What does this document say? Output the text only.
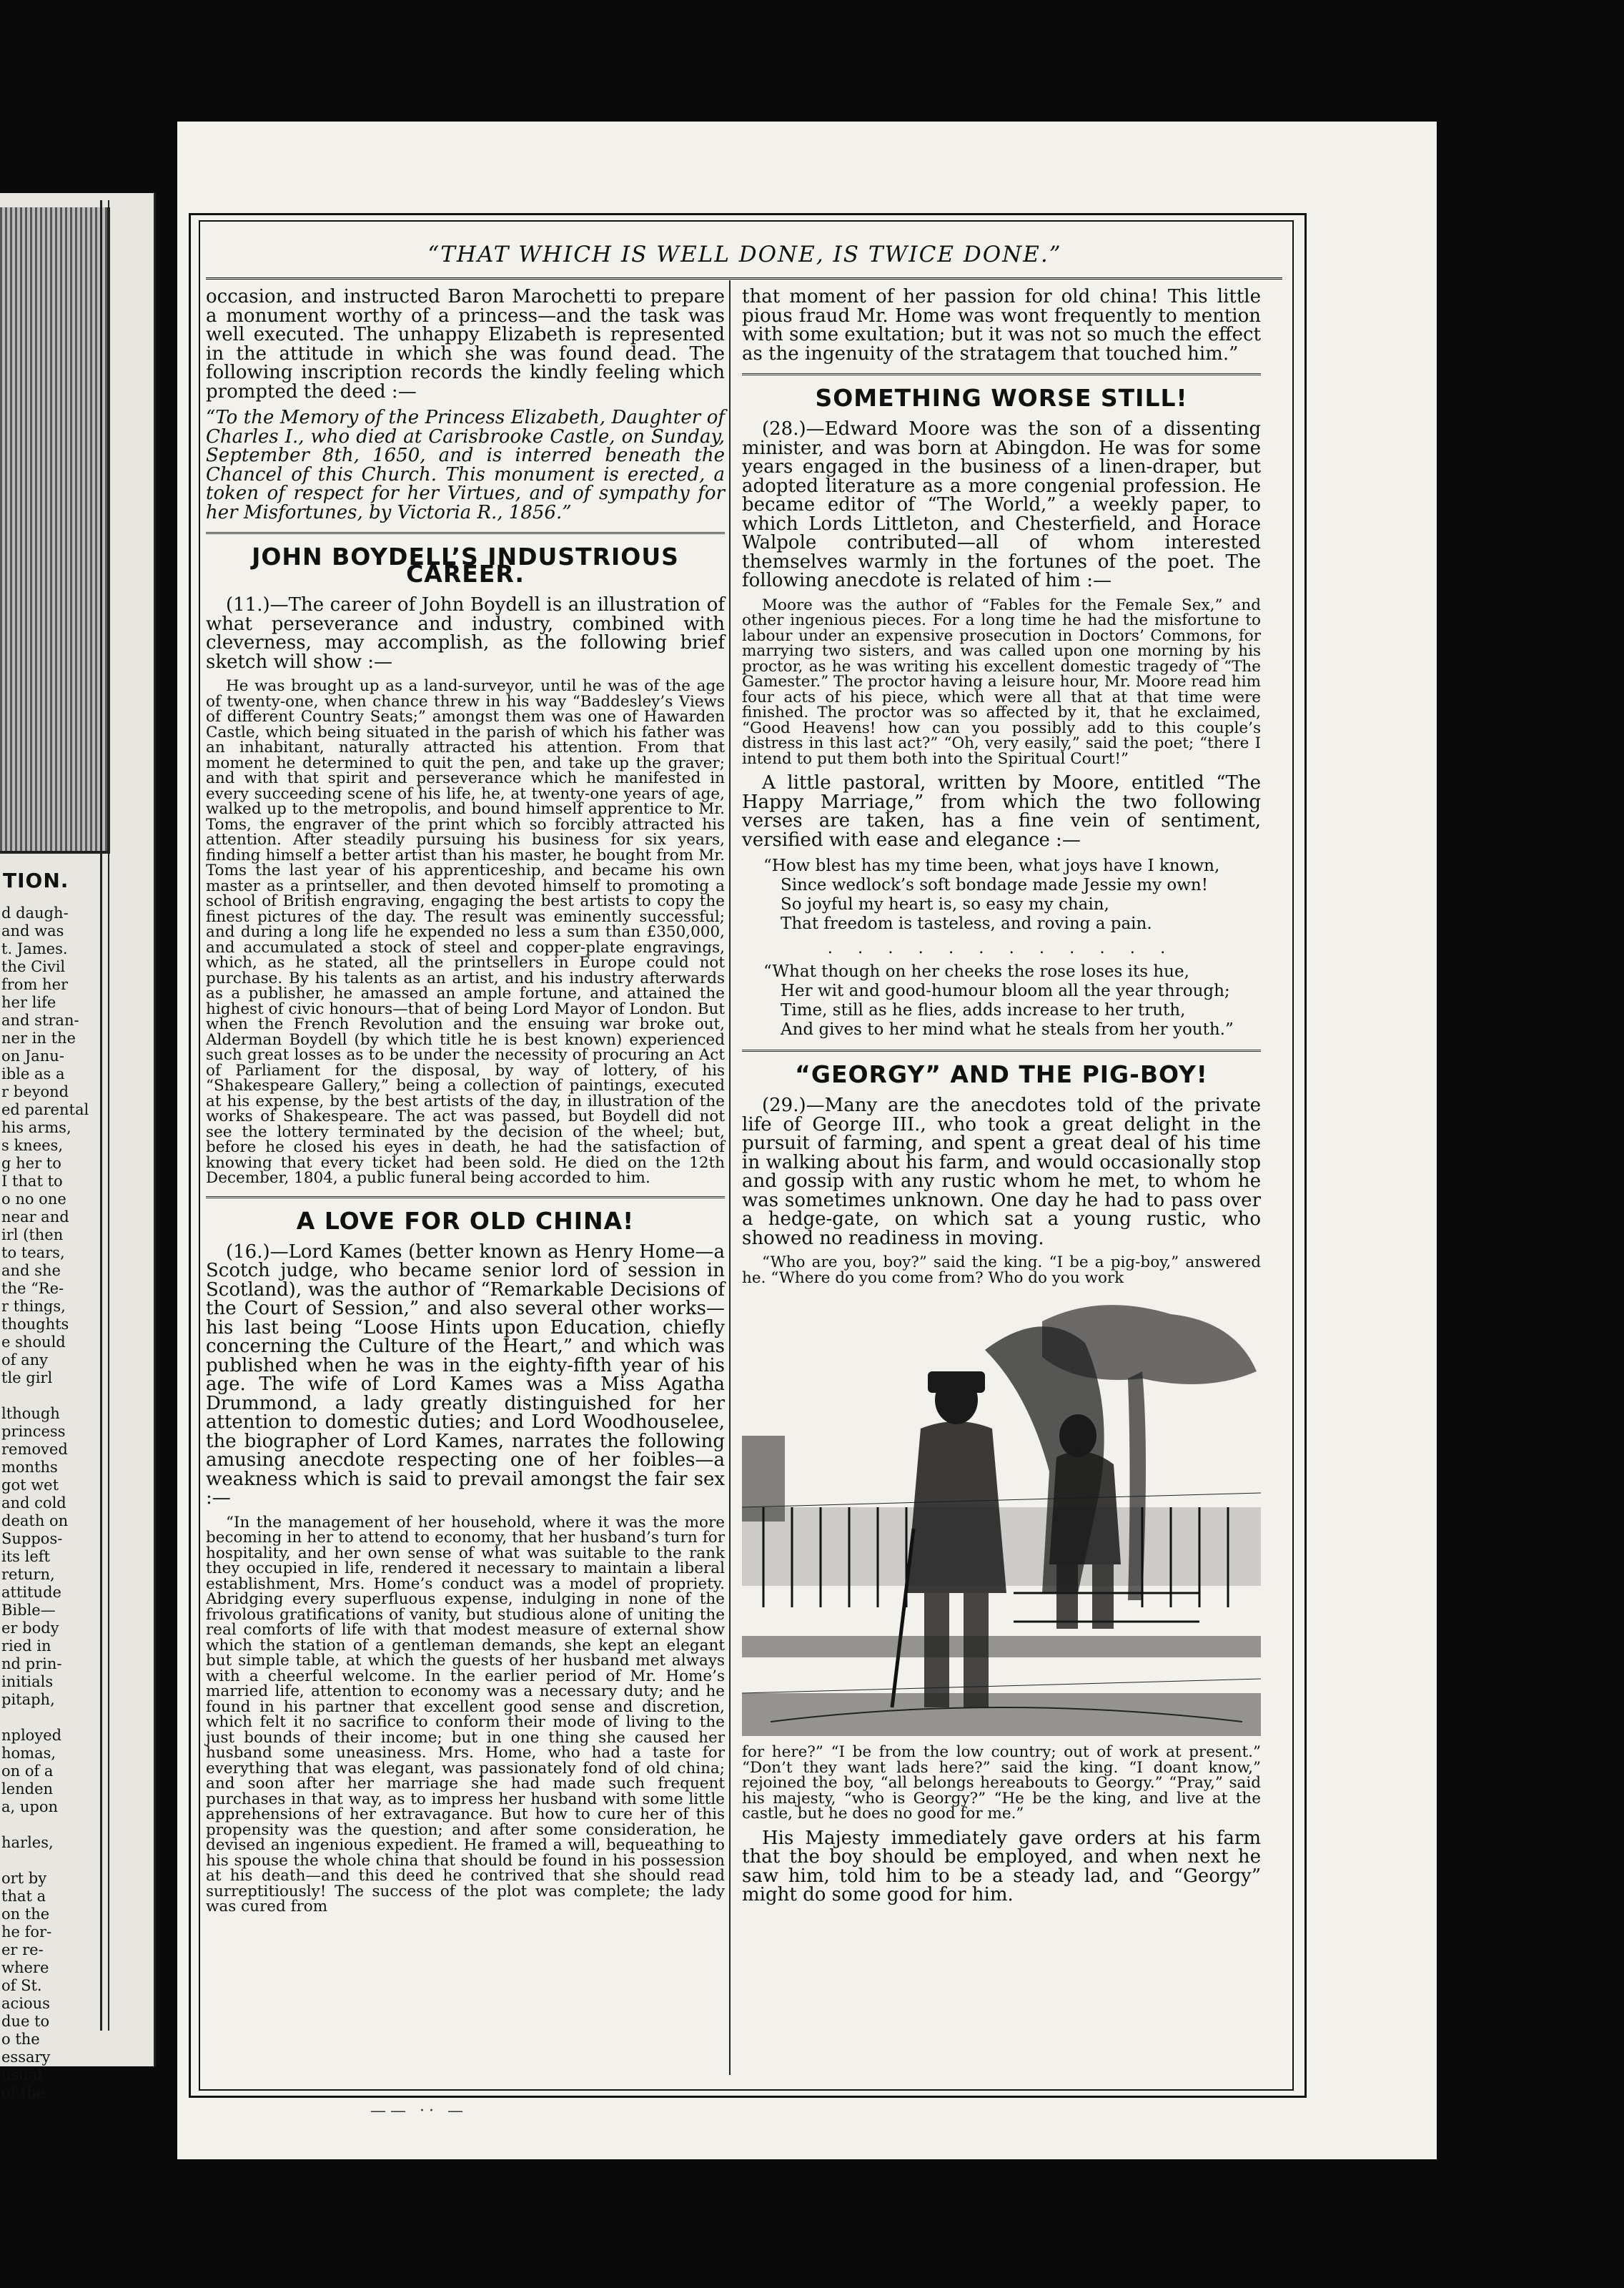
TION.
d daugh-
and was
t. James.
the Civil
from her
her life
and stran-
ner in the
on Janu-
ible as a
r beyond
ed parental
his arms,
s knees,
g her to
I that to
o no one
near and
irl (then
to tears,
and she
the “Re-
r things,
thoughts
e should
of any
tle girl

lthough
princess
removed
months
got wet
and cold
death on
Suppos-
its left
return,
attitude
Bible—
er body
ried in
nd prin-
initials
pitaph,

nployed
homas,
on of a
lenden
a, upon

harles,

ort by
that a
on the
he for-
er re-
where
of St.
acious
due to
o the
essary
usual
of the
“THAT WHICH IS WELL DONE, IS TWICE DONE.”

occasion, and instructed Baron Marochetti to prepare a monument worthy of a princess—and the task was well executed. The unhappy Elizabeth is represented in the attitude in which she was found dead. The following inscription records the kindly feeling which prompted the deed :—

“To the Memory of the Princess Elizabeth, Daughter of Charles I., who died at Carisbrooke Castle, on Sunday, September 8th, 1650, and is interred beneath the Chancel of this Church. This monument is erected, a token of respect for her Virtues, and of sympathy for her Misfortunes, by Victoria R., 1856.”

JOHN BOYDELL’S INDUSTRIOUS CAREER.

(11.)—The career of John Boydell is an illustration of what perseverance and industry, combined with cleverness, may accomplish, as the following brief sketch will show :—

He was brought up as a land-surveyor, until he was of the age of twenty-one, when chance threw in his way “Baddesley’s Views of different Country Seats;” amongst them was one of Hawarden Castle, which being situated in the parish of which his father was an inhabitant, naturally attracted his attention. From that moment he determined to quit the pen, and take up the graver; and with that spirit and perseverance which he manifested in every succeeding scene of his life, he, at twenty-one years of age, walked up to the metropolis, and bound himself apprentice to Mr. Toms, the engraver of the print which so forcibly attracted his attention. After steadily pursuing his business for six years, finding himself a better artist than his master, he bought from Mr. Toms the last year of his apprenticeship, and became his own master as a printseller, and then devoted himself to promoting a school of British engraving, engaging the best artists to copy the finest pictures of the day. The result was eminently successful; and during a long life he expended no less a sum than £350,000, and accumulated a stock of steel and copper-plate engravings, which, as he stated, all the printsellers in Europe could not purchase. By his talents as an artist, and his industry afterwards as a publisher, he amassed an ample fortune, and attained the highest of civic honours—that of being Lord Mayor of London. But when the French Revolution and the ensuing war broke out, Alderman Boydell (by which title he is best known) experienced such great losses as to be under the necessity of procuring an Act of Parliament for the disposal, by way of lottery, of his “Shakespeare Gallery,” being a collection of paintings, executed at his expense, by the best artists of the day, in illustration of the works of Shakespeare. The act was passed, but Boydell did not see the lottery terminated by the decision of the wheel; but, before he closed his eyes in death, he had the satisfaction of knowing that every ticket had been sold. He died on the 12th December, 1804, a public funeral being accorded to him.

A LOVE FOR OLD CHINA!

(16.)—Lord Kames (better known as Henry Home—a Scotch judge, who became senior lord of session in Scotland), was the author of “Remarkable Decisions of the Court of Session,” and also several other works—his last being “Loose Hints upon Education, chiefly concerning the Culture of the Heart,” and which was published when he was in the eighty-fifth year of his age. The wife of Lord Kames was a Miss Agatha Drummond, a lady greatly distinguished for her attention to domestic duties; and Lord Woodhouselee, the biographer of Lord Kames, narrates the following amusing anecdote respecting one of her foibles—a weakness which is said to prevail amongst the fair sex :—

“In the management of her household, where it was the more becoming in her to attend to economy, that her husband’s turn for hospitality, and her own sense of what was suitable to the rank they occupied in life, rendered it necessary to maintain a liberal establishment, Mrs. Home’s conduct was a model of propriety. Abridging every superfluous expense, indulging in none of the frivolous gratifications of vanity, but studious alone of uniting the real comforts of life with that modest measure of external show which the station of a gentleman demands, she kept an elegant but simple table, at which the guests of her husband met always with a cheerful welcome. In the earlier period of Mr. Home’s married life, attention to economy was a necessary duty; and he found in his partner that excellent good sense and discretion, which felt it no sacrifice to conform their mode of living to the just bounds of their income; but in one thing she caused her husband some uneasiness. Mrs. Home, who had a taste for everything that was elegant, was passionately fond of old china; and soon after her marriage she had made such frequent purchases in that way, as to impress her husband with some little apprehensions of her extravagance. But how to cure her of this propensity was the question; and after some consideration, he devised an ingenious expedient. He framed a will, bequeathing to his spouse the whole china that should be found in his possession at his death—and this deed he contrived that she should read surreptitiously! The success of the plot was complete; the lady was cured from

that moment of her passion for old china! This little pious fraud Mr. Home was wont frequently to mention with some exultation; but it was not so much the effect as the ingenuity of the stratagem that touched him.”

SOMETHING WORSE STILL!

(28.)—Edward Moore was the son of a dissenting minister, and was born at Abingdon. He was for some years engaged in the business of a linen-draper, but adopted literature as a more congenial profession. He became editor of “The World,” a weekly paper, to which Lords Littleton, and Chesterfield, and Horace Walpole contributed—all of whom interested themselves warmly in the fortunes of the poet. The following anecdote is related of him :—

Moore was the author of “Fables for the Female Sex,” and other ingenious pieces. For a long time he had the misfortune to labour under an expensive prosecution in Doctors’ Commons, for marrying two sisters, and was called upon one morning by his proctor, as he was writing his excellent domestic tragedy of “The Gamester.” The proctor having a leisure hour, Mr. Moore read him four acts of his piece, which were all that at that time were finished. The proctor was so affected by it, that he exclaimed, “Good Heavens! how can you possibly add to this couple’s distress in this last act?” “Oh, very easily,” said the poet; “there I intend to put them both into the Spiritual Court!”

A little pastoral, written by Moore, entitled “The Happy Marriage,” from which the two following verses are taken, has a fine vein of sentiment, versified with ease and elegance :—

“How blest has my time been, what joys have I known,
Since wedlock’s soft bondage made Jessie my own!
So joyful my heart is, so easy my chain,
That freedom is tasteless, and roving a pain.
. . . . . . . . . . . .
“What though on her cheeks the rose loses its hue,
Her wit and good-humour bloom all the year through;
Time, still as he flies, adds increase to her truth,
And gives to her mind what he steals from her youth.”
“GEORGY” AND THE PIG-BOY!

(29.)—Many are the anecdotes told of the private life of George III., who took a great delight in the pursuit of farming, and spent a great deal of his time in walking about his farm, and would occasionally stop and gossip with any rustic whom he met, to whom he was sometimes unknown. One day he had to pass over a hedge-gate, on which sat a young rustic, who showed no readiness in moving.

“Who are you, boy?” said the king. “I be a pig-boy,” answered he. “Where do you come from? Who do you work

for here?” “I be from the low country; out of work at present.” “Don’t they want lads here?” said the king. “I doant know,” rejoined the boy, “all belongs hereabouts to Georgy.” “Pray,” said his majesty, “who is Georgy?” “He be the king, and live at the castle, but he does no good for me.”

His Majesty immediately gave orders at his farm that the boy should be employed, and when next he saw him, told him to be a steady lad, and “Georgy” might do some good for him.

—— ·· —
